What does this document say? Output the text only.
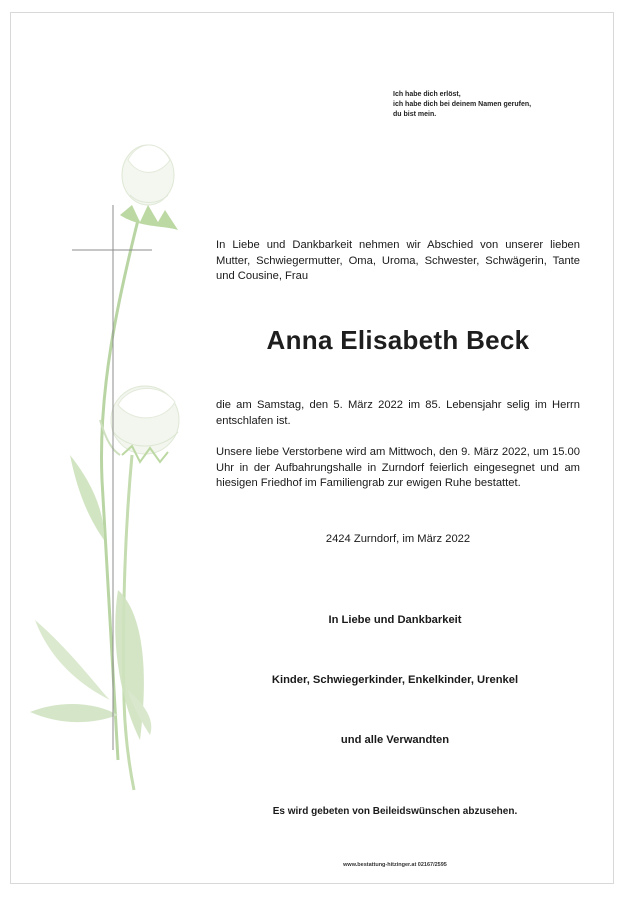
Ich habe dich erlöst,
ich habe dich bei deinem Namen gerufen,
du bist mein.
In Liebe und Dankbarkeit nehmen wir Abschied von unserer lieben Mutter, Schwiegermutter, Oma, Uroma, Schwester, Schwägerin, Tante und Cousine, Frau
Anna Elisabeth Beck
die am Samstag, den 5. März 2022 im 85. Lebensjahr selig im Herrn entschlafen ist.
Unsere liebe Verstorbene wird am Mittwoch, den 9. März 2022, um 15.00 Uhr in der Aufbahrungshalle in Zurndorf feierlich eingesegnet und am hiesigen Friedhof im Familiengrab zur ewigen Ruhe bestattet.
2424 Zurndorf, im März 2022
In Liebe und Dankbarkeit
Kinder, Schwiegerkinder, Enkelkinder, Urenkel
und alle Verwandten
Es wird gebeten von Beileidswünschen abzusehen.
www.bestattung-hitzinger.at 02167/2595
